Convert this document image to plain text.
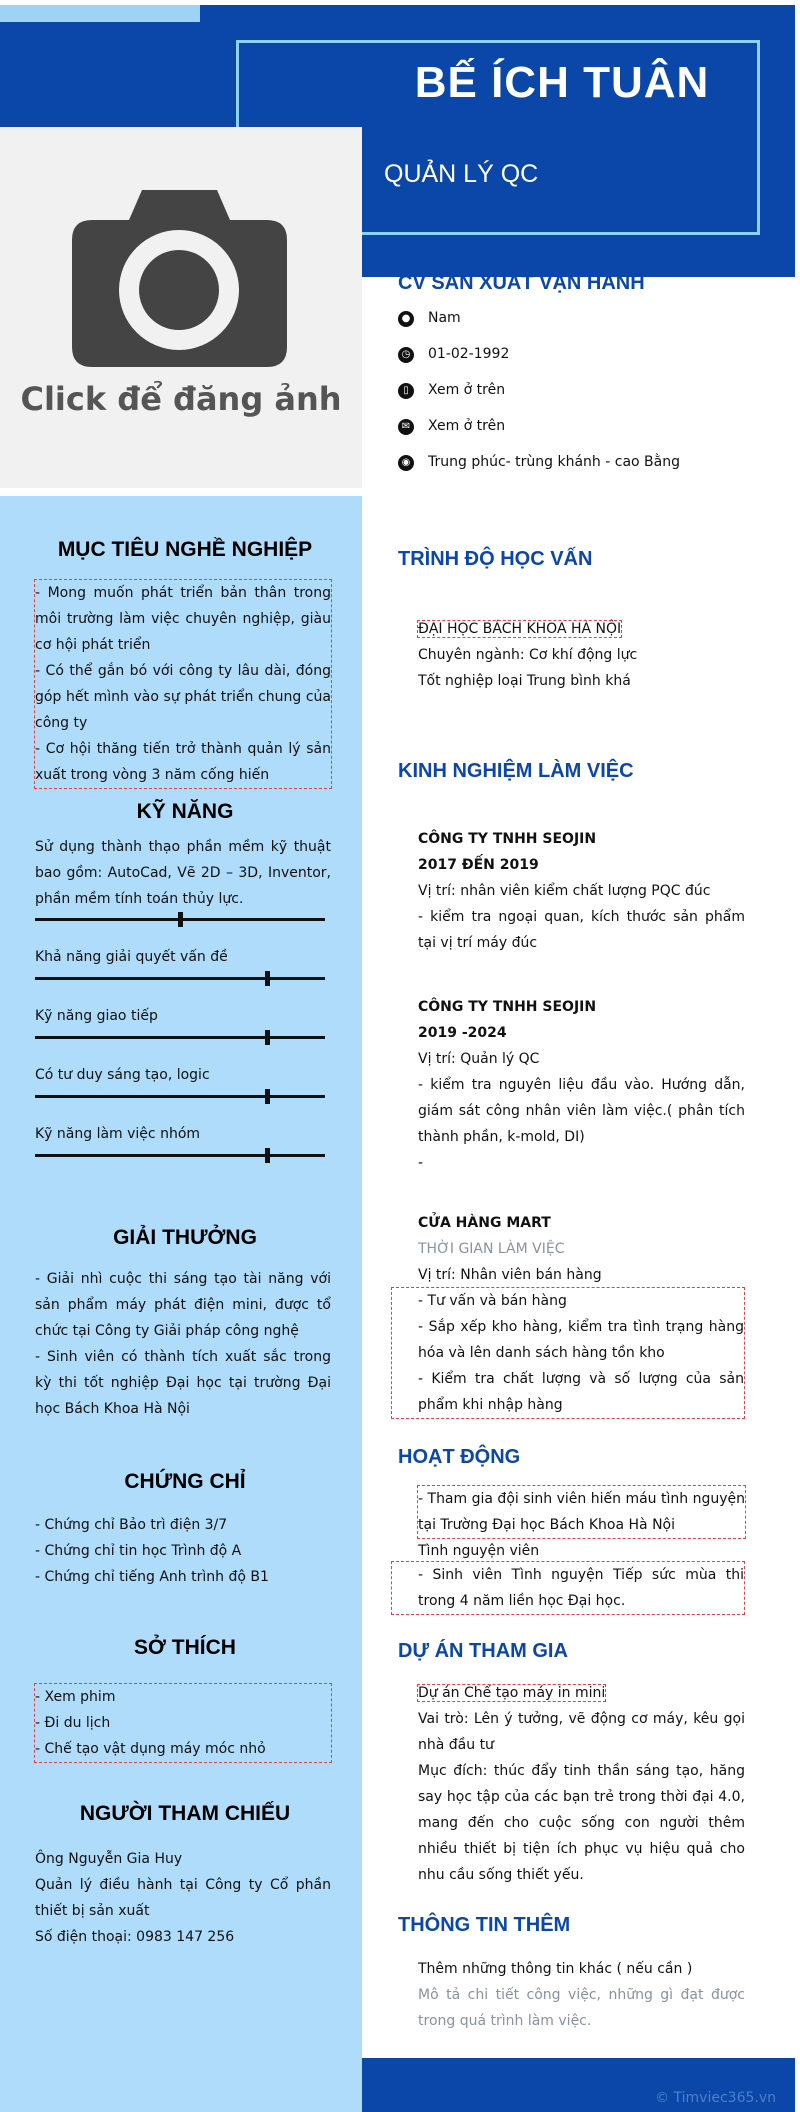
BẾ ÍCH TUÂN
QUẢN LÝ QC
Click để đăng ảnh
MỤC TIÊU NGHỀ NGHIỆP
- Mong muốn phát triển bản thân trong môi trường làm việc chuyên nghiệp, giàu cơ hội phát triển
- Có thể gắn bó với công ty lâu dài, đóng góp hết mình vào sự phát triển chung của công ty
- Cơ hội thăng tiến trở thành quản lý sản xuất trong vòng 3 năm cống hiến
KỸ NĂNG
Sử dụng thành thạo phần mềm kỹ thuật bao gồm: AutoCad, Vẽ 2D – 3D, Inventor, phần mềm tính toán thủy lực.
Khả năng giải quyết vấn đề
Kỹ năng giao tiếp
Có tư duy sáng tạo, logic
Kỹ năng làm việc nhóm
GIẢI THƯỞNG
- Giải nhì cuộc thi sáng tạo tài năng với sản phẩm máy phát điện mini, được tổ chức tại Công ty Giải pháp công nghệ
- Sinh viên có thành tích xuất sắc trong kỳ thi tốt nghiệp Đại học tại trường Đại học Bách Khoa Hà Nội
CHỨNG CHỈ
- Chứng chỉ Bảo trì điện 3/7
- Chứng chỉ tin học Trình độ A
- Chứng chỉ tiếng Anh trình độ B1
SỞ THÍCH
- Xem phim
- Đi du lịch
- Chế tạo vật dụng máy móc nhỏ
NGƯỜI THAM CHIẾU
Ông Nguyễn Gia Huy
Quản lý điều hành tại Công ty Cổ phần thiết bị sản xuất
Số điện thoại: 0983 147 256
CV SẢN XUẤT VẬN HÀNH
● Nam
◷ 01-02-1992
▯	Xem ở trên
✉ Xem ở trên
◉ Trung phúc- trùng khánh - cao Bằng
TRÌNH ĐỘ HỌC VẤN
ĐẠI HỌC BÁCH KHOA HÀ NỘI
Chuyên ngành: Cơ khí động lực
Tốt nghiệp loại Trung bình khá
KINH NGHIỆM LÀM VIỆC
CÔNG TY TNHH SEOJIN
2017 ĐẾN 2019
Vị trí: nhân viên kiểm chất lượng PQC đúc
- kiểm tra ngoại quan, kích thước sản phẩm tại vị trí máy đúc
CÔNG TY TNHH SEOJIN
2019 -2024
Vị trí: Quản lý QC
- kiểm tra nguyên liệu đầu vào. Hướng dẫn, giám sát công nhân viên làm việc.( phân tích thành phần, k-mold, DI)
-
CỬA HÀNG MART
THỜI GIAN LÀM VIỆC
Vị trí: Nhân viên bán hàng
- Tư vấn và bán hàng
- Sắp xếp kho hàng, kiểm tra tình trạng hàng hóa và lên danh sách hàng tồn kho
- Kiểm tra chất lượng và số lượng của sản phẩm khi nhập hàng
HOẠT ĐỘNG
- Tham gia đội sinh viên hiến máu tình nguyện tại Trường Đại học Bách Khoa Hà Nội
Tình nguyện viên
- Sinh viên Tình nguyện Tiếp sức mùa thi trong 4 năm liền học Đại học.
DỰ ÁN THAM GIA
Dự án Chế tạo máy in mini
Vai trò: Lên ý tưởng, vẽ động cơ máy, kêu gọi nhà đầu tư
Mục đích: thúc đẩy tinh thần sáng tạo, hăng say học tập của các bạn trẻ trong thời đại 4.0, mang đến cho cuộc sống con người thêm nhiều thiết bị tiện ích phục vụ hiệu quả cho nhu cầu sống thiết yếu.
THÔNG TIN THÊM
Thêm những thông tin khác ( nếu cần )
Mô tả chi tiết công việc, những gì đạt được trong quá trình làm việc.
© Timviec365.vn
